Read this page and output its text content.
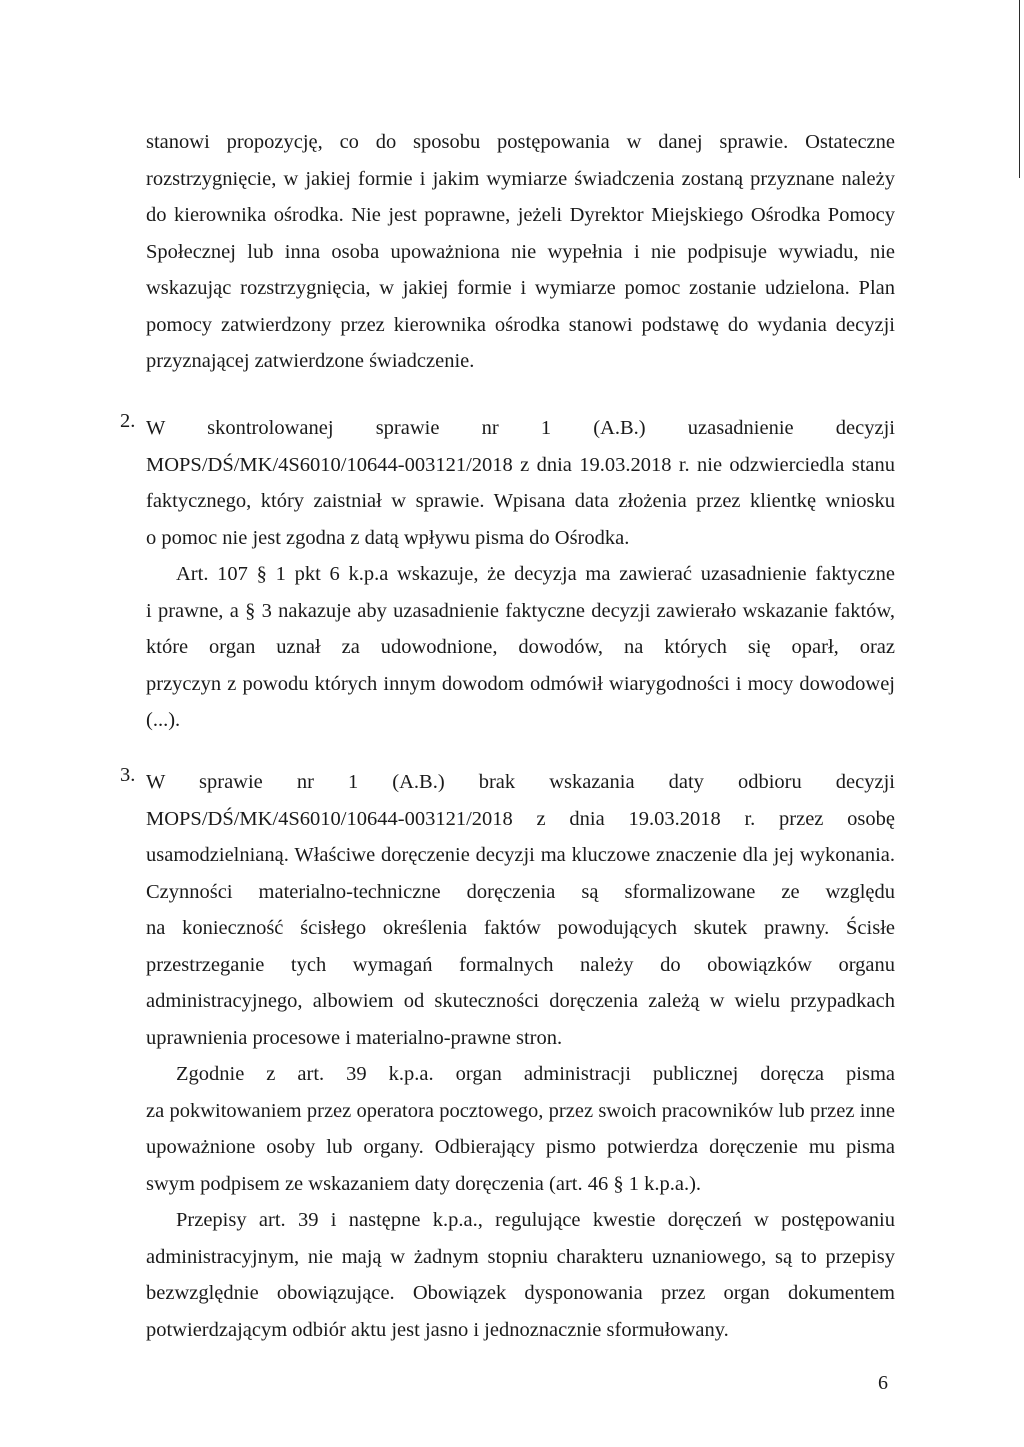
stanowi propozycję, co do sposobu postępowania w danej sprawie. Ostateczne
rozstrzygnięcie, w jakiej formie i jakim wymiarze świadczenia zostaną przyznane należy
do kierownika ośrodka. Nie jest poprawne, jeżeli Dyrektor Miejskiego Ośrodka Pomocy
Społecznej lub inna osoba upoważniona nie wypełnia i nie podpisuje wywiadu, nie
wskazując rozstrzygnięcia, w jakiej formie i wymiarze pomoc zostanie udzielona. Plan
pomocy zatwierdzony przez kierownika ośrodka stanowi podstawę do wydania decyzji
przyznającej zatwierdzone świadczenie.
2. W skontrolowanej sprawie nr 1 (A.B.) uzasadnienie decyzji
MOPS/DŚ/MK/4S6010/10644-003121/2018 z dnia 19.03.2018 r. nie odzwierciedla stanu
faktycznego, który zaistniał w sprawie. Wpisana data złożenia przez klientkę wniosku
o pomoc nie jest zgodna z datą wpływu pisma do Ośrodka.
Art. 107 § 1 pkt 6 k.p.a wskazuje, że decyzja ma zawierać uzasadnienie faktyczne
i prawne, a § 3 nakazuje aby uzasadnienie faktyczne decyzji zawierało wskazanie faktów,
które organ uznał za udowodnione, dowodów, na których się oparł, oraz
przyczyn z powodu których innym dowodom odmówił wiarygodności i mocy dowodowej
(...).
3. W sprawie nr 1 (A.B.) brak wskazania daty odbioru decyzji
MOPS/DŚ/MK/4S6010/10644-003121/2018 z dnia 19.03.2018 r. przez osobę
usamodzielnianą. Właściwe doręczenie decyzji ma kluczowe znaczenie dla jej wykonania.
Czynności materialno-techniczne doręczenia są sformalizowane ze względu
na konieczność ścisłego określenia faktów powodujących skutek prawny. Ścisłe
przestrzeganie tych wymagań formalnych należy do obowiązków organu
administracyjnego, albowiem od skuteczności doręczenia zależą w wielu przypadkach
uprawnienia procesowe i materialno-prawne stron.
Zgodnie z art. 39 k.p.a. organ administracji publicznej doręcza pisma
za pokwitowaniem przez operatora pocztowego, przez swoich pracowników lub przez inne
upoważnione osoby lub organy. Odbierający pismo potwierdza doręczenie mu pisma
swym podpisem ze wskazaniem daty doręczenia (art. 46 § 1 k.p.a.).
Przepisy art. 39 i następne k.p.a., regulujące kwestie doręczeń w postępowaniu
administracyjnym, nie mają w żadnym stopniu charakteru uznaniowego, są to przepisy
bezwzględnie obowiązujące. Obowiązek dysponowania przez organ dokumentem
potwierdzającym odbiór aktu jest jasno i jednoznacznie sformułowany.
6
